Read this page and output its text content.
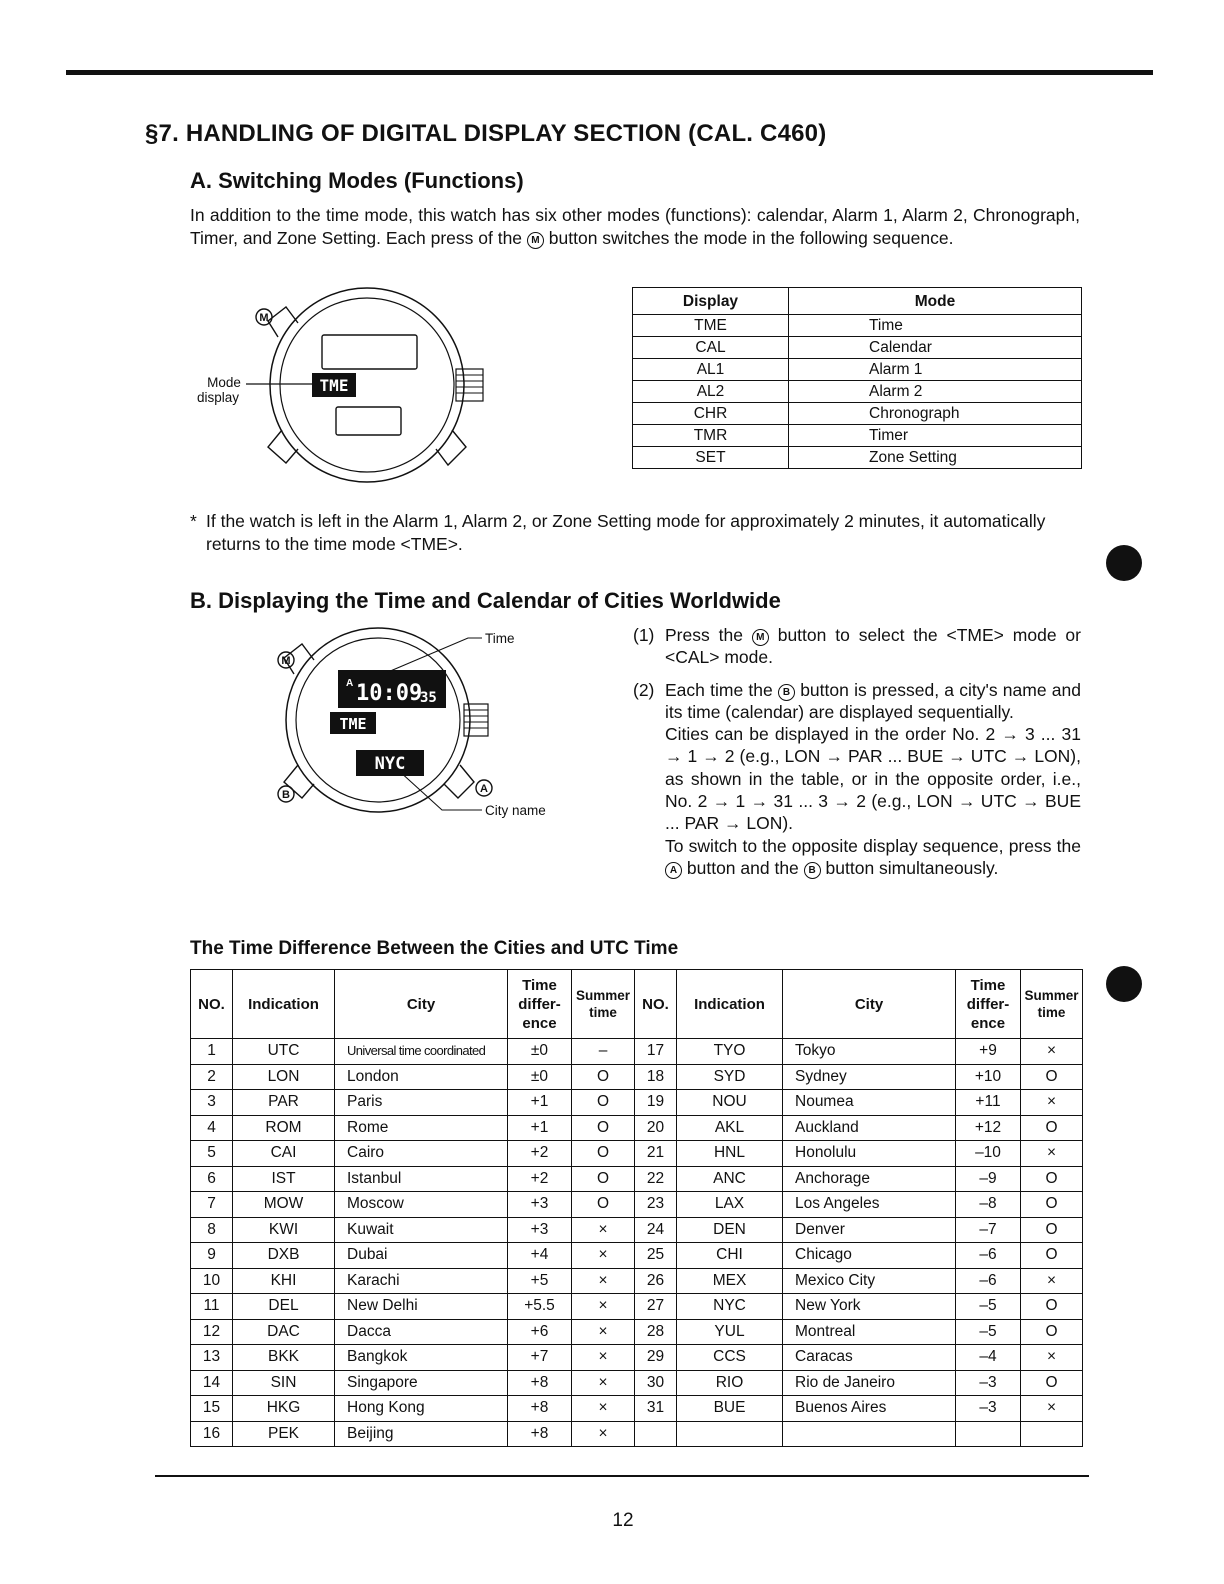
§7. HANDLING OF DIGITAL DISPLAY SECTION (CAL. C460)
A. Switching Modes (Functions)
In addition to the time mode, this watch has six other modes (functions): calendar, Alarm 1, Alarm 2, Chronograph, Timer, and Zone Setting. Each press of the M button switches the mode in the following sequence.
TME
M
Mode
display
Display	Mode
TME	Time
CAL	Calendar
AL1	Alarm 1
AL2	Alarm 2
CHR	Chronograph
TMR	Timer
SET	Zone Setting
* If the watch is left in the Alarm 1, Alarm 2, or Zone Setting mode for approximately 2 minutes, it automatically returns to the time mode <TME>.
B. Displaying the Time and Calendar of Cities Worldwide
A 10:09
35
TME
NYC
Time
City name
M
B	A
(1) Press the M button to select the <TME> mode or <CAL> mode.

(2) Each time the B button is pressed, a city's name and its time (calendar) are displayed sequentially.

Cities can be displayed in the order No. 2 → 3 ... 31 → 1 → 2 (e.g., LON → PAR ... BUE → UTC → LON), as shown in the table, or in the opposite order, i.e., No. 2 → 1 → 31 ... 3 → 2 (e.g., LON → UTC → BUE ... PAR → LON).

To switch to the opposite display sequence, press the A button and the B button simultaneously.

The Time Difference Between the Cities and UTC Time
NO.	Indication	City	Time
differ-
ence	Summer
time	NO.	Indication	City	Time
differ-
ence	Summer
time
1	UTC	Universal time coordinated	±0	–	17	TYO	Tokyo	+9	×
2	LON	London	±0	O	18	SYD	Sydney	+10	O
3	PAR	Paris	+1	O	19	NOU	Noumea	+11	×
4	ROM	Rome	+1	O	20	AKL	Auckland	+12	O
5	CAI	Cairo	+2	O	21	HNL	Honolulu	–10	×
6	IST	Istanbul	+2	O	22	ANC	Anchorage	–9	O
7	MOW	Moscow	+3	O	23	LAX	Los Angeles	–8	O
8	KWI	Kuwait	+3	×	24	DEN	Denver	–7	O
9	DXB	Dubai	+4	×	25	CHI	Chicago	–6	O
10	KHI	Karachi	+5	×	26	MEX	Mexico City	–6	×
11	DEL	New Delhi	+5.5	×	27	NYC	New York	–5	O
12	DAC	Dacca	+6	×	28	YUL	Montreal	–5	O
13	BKK	Bangkok	+7	×	29	CCS	Caracas	–4	×
14	SIN	Singapore	+8	×	30	RIO	Rio de Janeiro	–3	O
15	HKG	Hong Kong	+8	×	31	BUE	Buenos Aires	–3	×
16	PEK	Beijing	+8	×					
12
